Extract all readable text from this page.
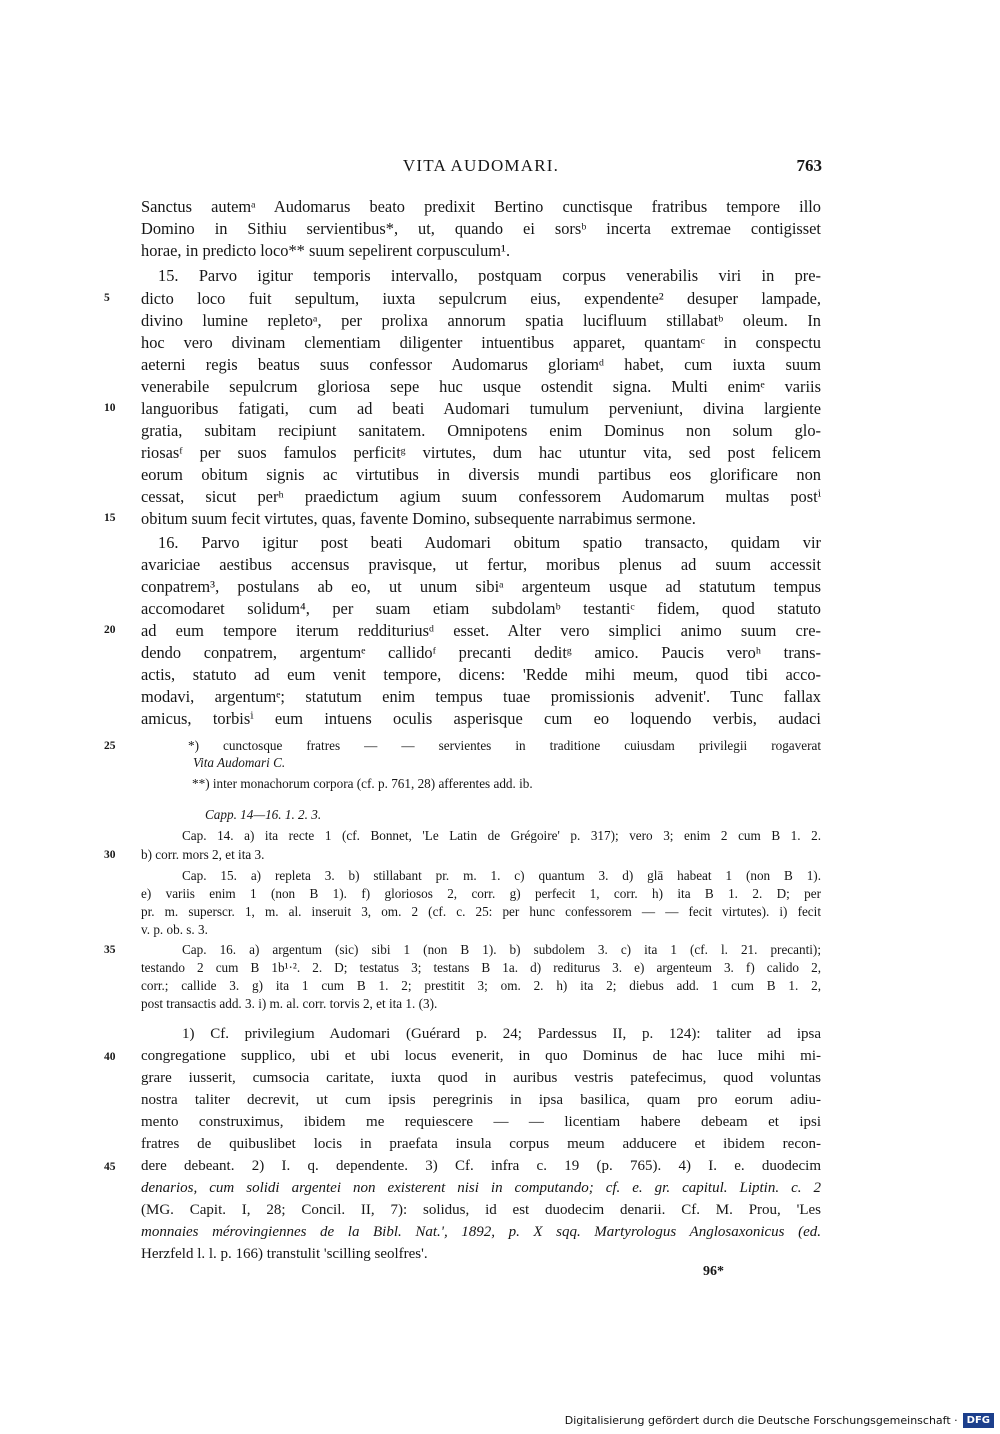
VITA AUDOMARI.	763
Sanctus autemᵃ Audomarus beato predixit Bertino cunctisque fratribus tempore illo
Domino in Sithiu servientibus*, ut, quando ei sorsᵇ incerta extremae contigisset
horae, in predicto loco** suum sepelirent corpusculum¹.
15. Parvo igitur temporis intervallo, postquam corpus venerabilis viri in pre-
dicto loco fuit sepultum, iuxta sepulcrum eius, expendente² desuper lampade,
divino lumine repletoᵃ, per prolixa annorum spatia lucifluum stillabatᵇ oleum. In
hoc vero divinam clementiam diligenter intuentibus apparet, quantamᶜ in conspectu
aeterni regis beatus suus confessor Audomarus gloriamᵈ habet, cum iuxta suum
venerabile sepulcrum gloriosa sepe huc usque ostendit signa. Multi enimᵉ variis
languoribus fatigati, cum ad beati Audomari tumulum perveniunt, divina largiente
gratia, subitam recipiunt sanitatem. Omnipotens enim Dominus non solum glo-
riosasᶠ per suos famulos perficitᵍ virtutes, dum hac utuntur vita, sed post felicem
eorum obitum signis ac virtutibus in diversis mundi partibus eos glorificare non
cessat, sicut perʰ praedictum agium suum confessorem Audomarum multas postⁱ
obitum suum fecit virtutes, quas, favente Domino, subsequente narrabimus sermone.
16. Parvo igitur post beati Audomari obitum spatio transacto, quidam vir
avariciae aestibus accensus pravisque, ut fertur, moribus plenus ad suum accessit
conpatrem³, postulans ab eo, ut unum sibiᵃ argenteum usque ad statutum tempus
accomodaret solidum⁴, per suam etiam subdolamᵇ testantiᶜ fidem, quod statuto
ad eum tempore iterum reddituriusᵈ esset. Alter vero simplici animo suum cre-
dendo conpatrem, argentumᵉ callidoᶠ precanti deditᵍ amico. Paucis veroʰ trans-
actis, statuto ad eum venit tempore, dicens: 'Redde mihi meum, quod tibi acco-
modavi, argentumᵉ; statutum enim tempus tuae promissionis advenit'. Tunc fallax
amicus, torbisⁱ eum intuens oculis asperisque cum eo loquendo verbis, audaci
*) cunctosque fratres — — servientes in traditione cuiusdam privilegii rogaverat
Vita Audomari C.
**) inter monachorum corpora (cf. p. 761, 28) afferentes add. ib.
Capp. 14—16. 1. 2. 3.
Cap. 14. a) ita recte 1 (cf. Bonnet, 'Le Latin de Grégoire' p. 317); vero 3; enim 2 cum B 1. 2.
b) corr. mors 2, et ita 3.
Cap. 15. a) repleta 3. b) stillabant pr. m. 1. c) quantum 3. d) glā habeat 1 (non B 1).
e) variis enim 1 (non B 1). f) gloriosos 2, corr. g) perfecit 1, corr. h) ita B 1. 2. D; per
pr. m. superscr. 1, m. al. inseruit 3, om. 2 (cf. c. 25: per hunc confessorem — — fecit virtutes). i) fecit
v. p. ob. s. 3.
Cap. 16. a) argentum (sic) sibi 1 (non B 1). b) subdolem 3. c) ita 1 (cf. l. 21. precanti);
testando 2 cum B 1b¹·². 2. D; testatus 3; testans B 1a. d) rediturus 3. e) argenteum 3. f) calido 2,
corr.; callide 3. g) ita 1 cum B 1. 2; prestitit 3; om. 2. h) ita 2; diebus add. 1 cum B 1. 2,
post transactis add. 3. i) m. al. corr. torvis 2, et ita 1. (3).
1) Cf. privilegium Audomari (Guérard p. 24; Pardessus II, p. 124): taliter ad ipsa
congregatione supplico, ubi et ubi locus evenerit, in quo Dominus de hac luce mihi mi-
grare iusserit, cumsocia caritate, iuxta quod in auribus vestris patefecimus, quod voluntas
nostra taliter decrevit, ut cum ipsis peregrinis in ipsa basilica, quam pro eorum adiu-
mento construximus, ibidem me requiescere — — licentiam habere debeam et ipsi
fratres de quibuslibet locis in praefata insula corpus meum adducere et ibidem recon-
dere debeant. 2) I. q. dependente. 3) Cf. infra c. 19 (p. 765). 4) I. e. duodecim
denarios, cum solidi argentei non existerent nisi in computando; cf. e. gr. capitul. Liptin. c. 2
(MG. Capit. I, 28; Concil. II, 7): solidus, id est duodecim denarii. Cf. M. Prou, 'Les
monnaies mérovingiennes de la Bibl. Nat.', 1892, p. X sqq. Martyrologus Anglosaxonicus (ed.
Herzfeld l. l. p. 166) transtulit 'scilling seolfres'.
5
10
15
20
25
30
35
40
45
96*
Digitalisierung gefördert durch die Deutsche Forschungsgemeinschaft · DFG
